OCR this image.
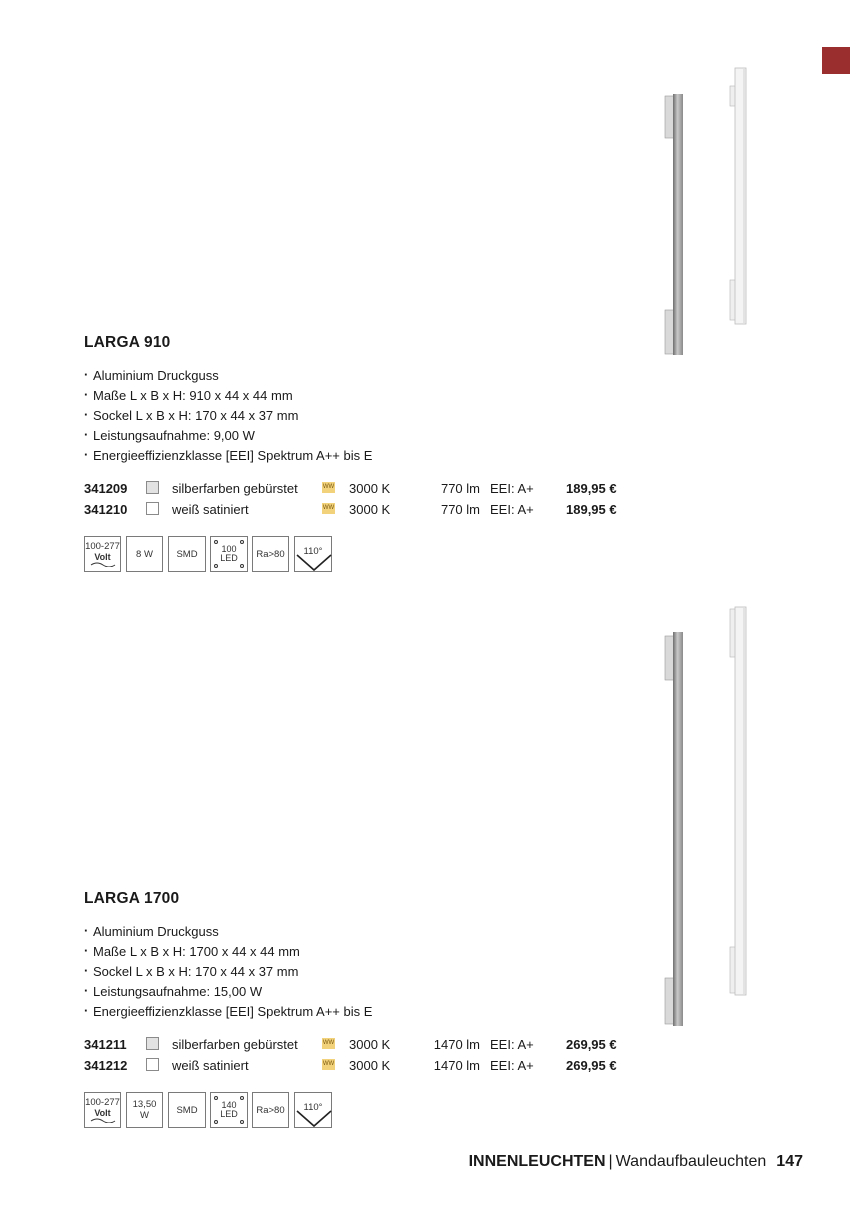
LARGA 910
· Aluminium Druckguss
· Maße L x B x H: 910 x 44 x 44 mm
· Sockel L x B x H: 170 x 44 x 37 mm
· Leistungsaufnahme: 9,00 W
· Energieeffizienzklasse [EEI] Spektrum A++ bis E
341209	silberfarben gebürstet	WW 3000 K	770 lm EEI: A+ 189,95 €
341210	weiß satiniert	WW 3000 K	770 lm EEI: A+ 189,95 €
100-277
Volt	8 W	SMD	100
LED	Ra>80	110°
LARGA 1700
· Aluminium Druckguss
· Maße L x B x H: 1700 x 44 x 44 mm
· Sockel L x B x H: 170 x 44 x 37 mm
· Leistungsaufnahme: 15,00 W
· Energieeffizienzklasse [EEI] Spektrum A++ bis E
341211	silberfarben gebürstet	WW 3000 K	1470 lm EEI: A+ 269,95 €
341212	weiß satiniert	WW 3000 K	1470 lm EEI: A+ 269,95 €
100-277
Volt
13,50 W	SMD	140
LED	Ra>80	110°
INNENLEUCHTEN | Wandaufbauleuchten 147
